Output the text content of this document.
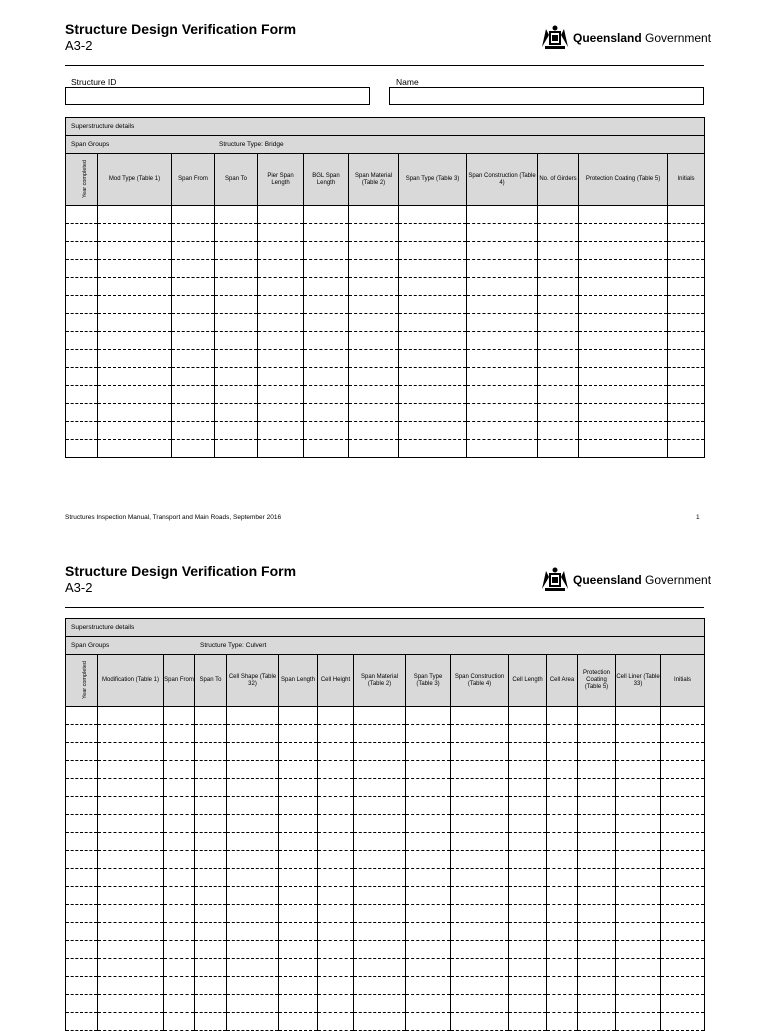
Structure Design Verification Form
A3-2	Queensland Government
Structure ID	Name
Superstructure details											
Span Groups Structure Type: Bridge											
Year completed	Mod Type (Table 1)	Span From	Span To	Pier Span Length	BGL Span Length	Span Material (Table 2)	Span Type (Table 3)	Span Construction (Table 4)	No. of Girders	Protection Coating (Table 5)	Initials

Structures Inspection Manual, Transport and Main Roads, September 2016	1
Structure Design Verification Form
A3-2	Queensland Government
Superstructure details														
Span Groups Structure Type: Culvert														
Year completed	Modification (Table 1)	Span From	Span To	Cell Shape (Table 32)	Span Length	Cell Height	Span Material (Table 2)	Span Type (Table 3)	Span Construction (Table 4)	Cell Length	Cell Area	Protection Coating (Table 5)	Cell Liner (Table 33)	Initials
